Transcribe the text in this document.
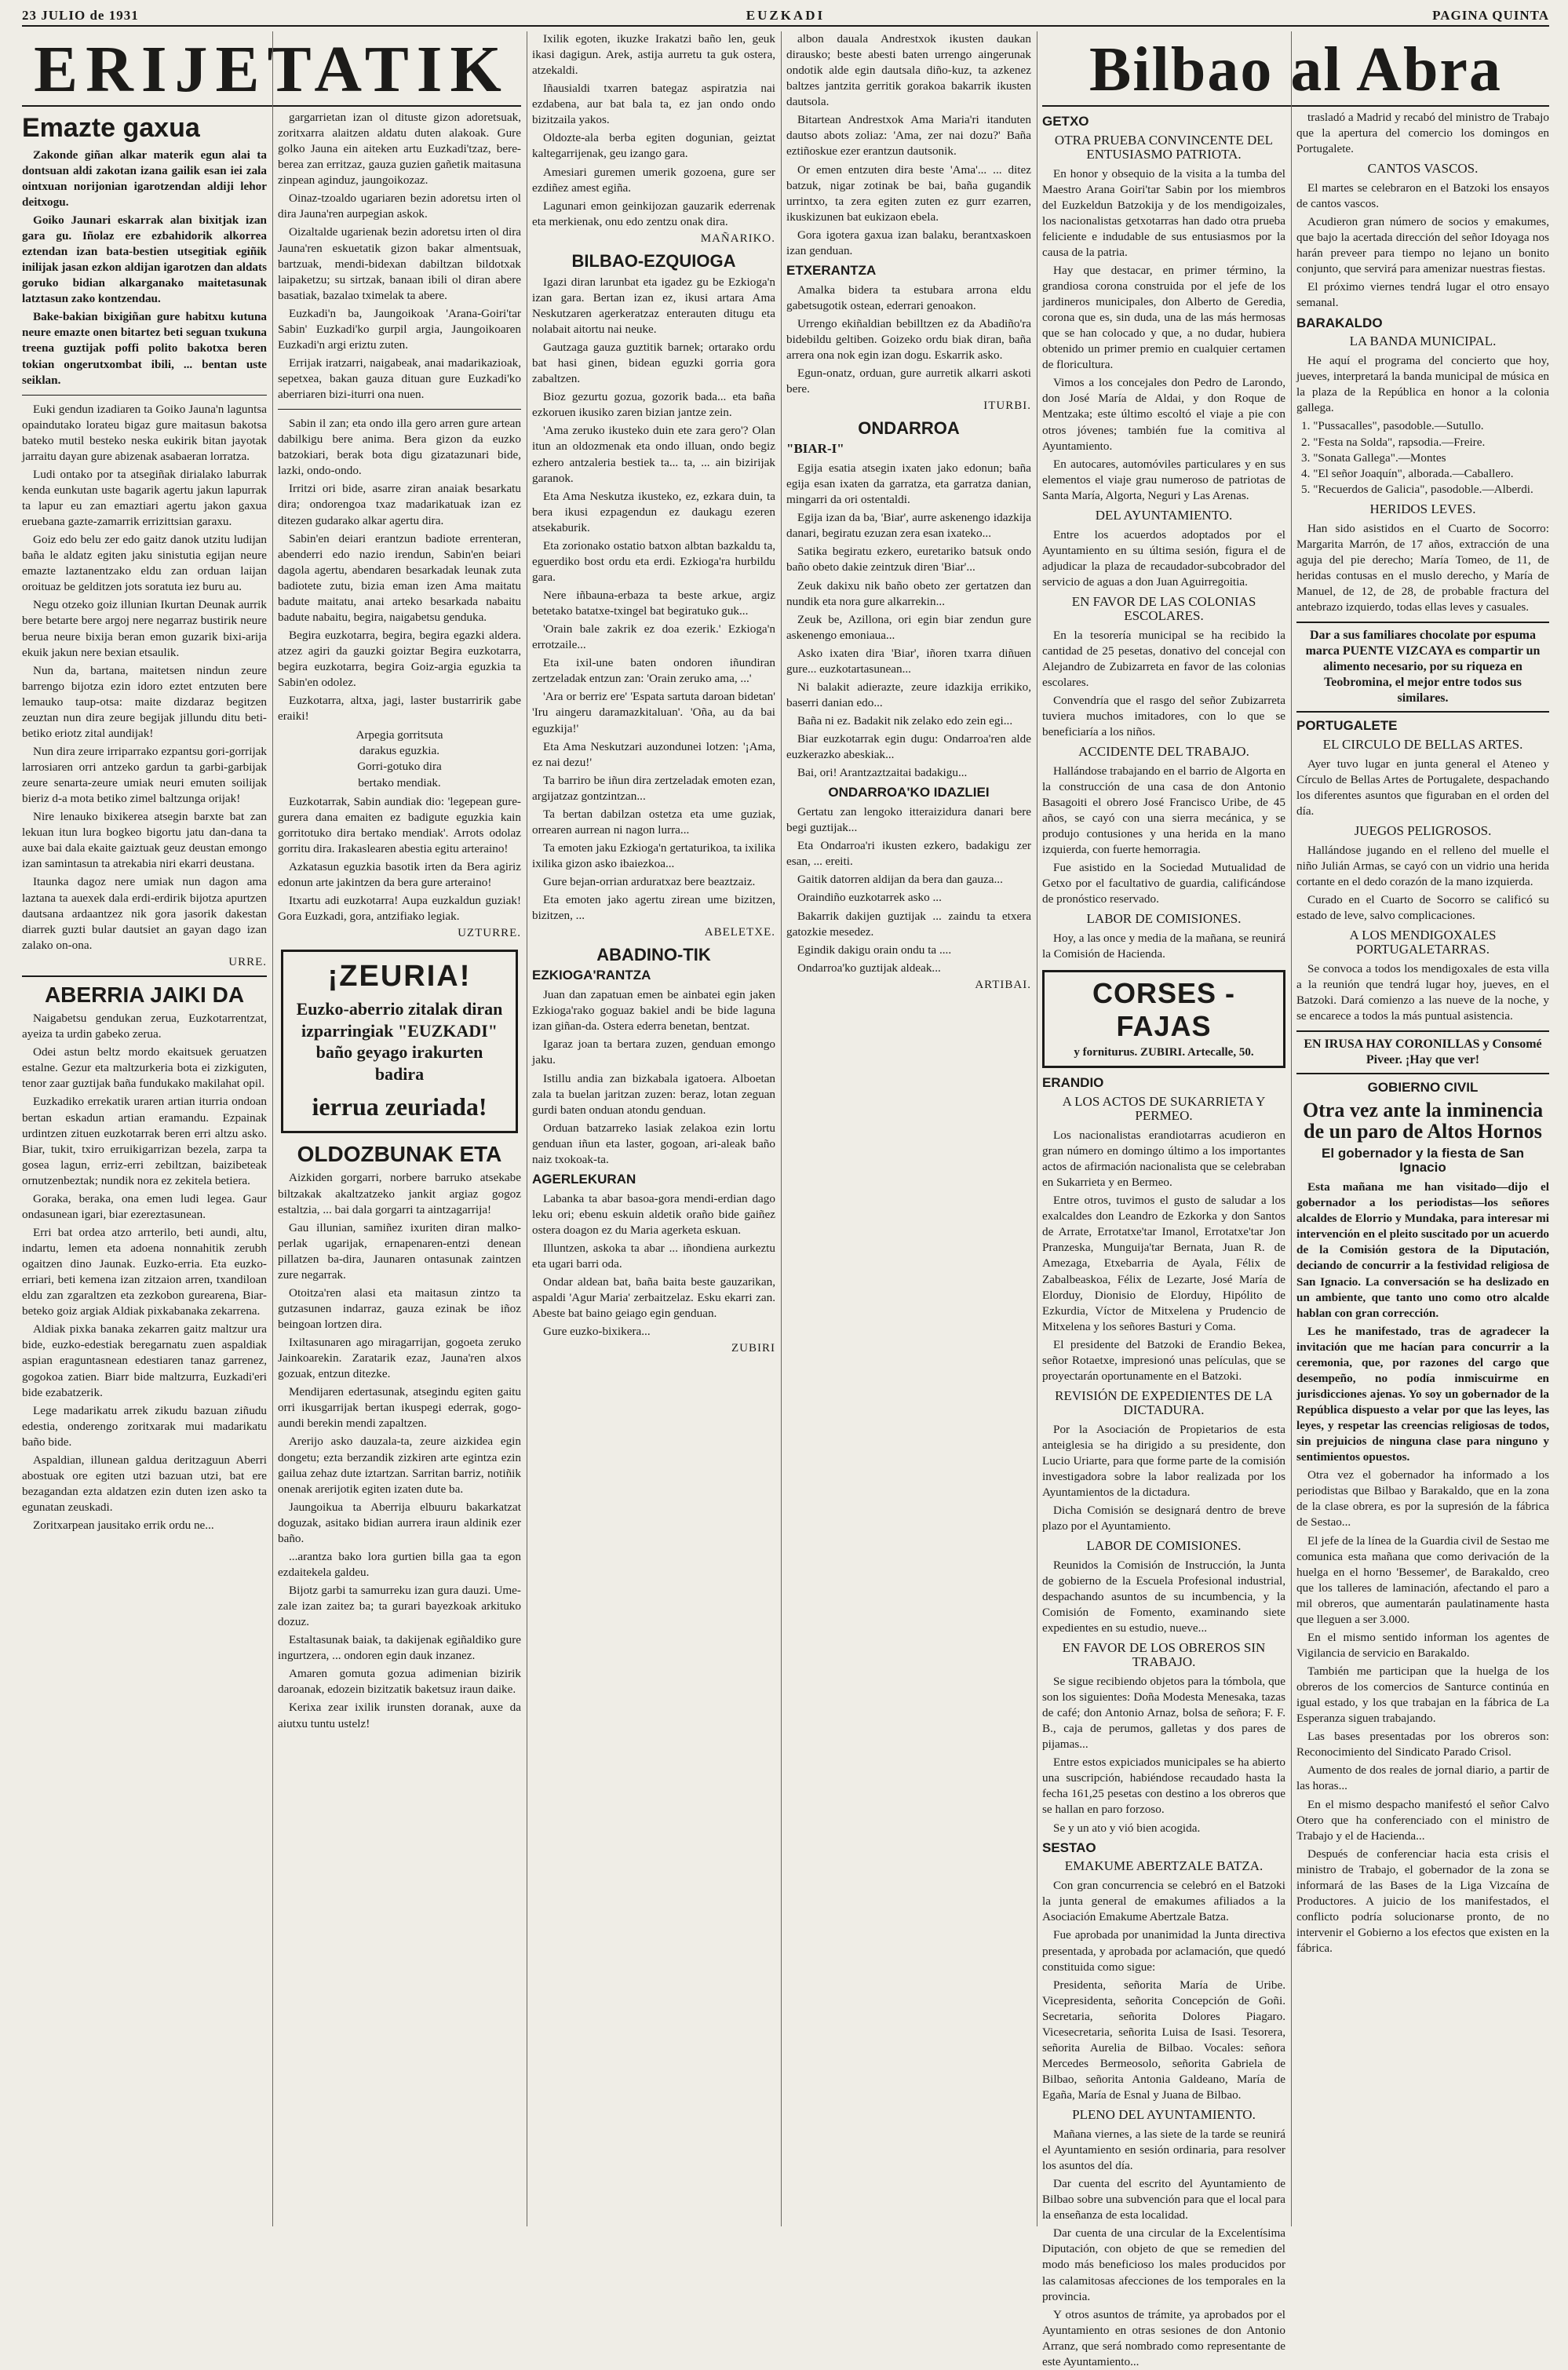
23 JULIO de 1931	EUZKADI	PAGINA QUINTA
ERIJETATIK	Bilbao al Abra
Emazte gaxua

Zakonde giñan alkar materik egun alai ta dontsuan aldi zakotan izana gailik esan iei zala ointxuan norijonian igarotzendan aldiji lehor deitxogu.

Goiko Jaunari eskarrak alan bixitjak izan gara gu. Iñolaz ere ezbahidorik alkorrea eztendan izan bata-bestien utsegitiak egiñik inilijak jasan ezkon aldijan igarotzen dan aldats goruko bidian alkarganako maitetasunak latztasun zako kontzendau.

Bake-bakian bixigiñan gure habitxu kutuna neure emazte onen bitartez beti seguan txukuna treena guztijak poffi polito bakotxa beren tokian ongerutxombat ibili, ... bentan uste seiklan.

Euki gendun izadiaren ta Goiko Jauna'n laguntsa opaindutako lorateu bigaz gure maitasun bakotsa bateko mutil besteko neska eukirik bitan jayotak jarraitu dayan gure abizenak asabaeran lorratza.

Ludi ontako por ta atsegiñak dirialako laburrak kenda eunkutan uste bagarik agertu jakun lapurrak ta lapur eu zan emaztiari agertu jakon gaxua eruebana gazte-zamarrik errizittsian garaxu.

Goiz edo belu zer edo gaitz danok utzitu ludijan baña le aldatz egiten jaku sinistutia egijan neure emazte laztanentzako eldu zan orduan laijan oroituaz be gelditzen jots soratuta iez buru au.

Negu otzeko goiz illunian Ikurtan Deunak aurrik bere betarte bere argoj nere negarraz bustirik neure berua neure bixija beran emon guzarik bixi-arija ekuik jakun nere bexian etsaulik.

Nun da, bartana, maitetsen nindun zeure barrengo bijotza ezin idoro eztet entzuten bere lemauko taup-otsa: maite dizdaraz begitzen zeuztan nun dira zeure begijak jillundu ditu beti-betiko eriotz zital aundijak!

Nun dira zeure irriparrako ezpantsu gori-gorrijak larrosiaren orri antzeko gardun ta garbi-garbijak zeure senarta-zeure umiak neuri emuten soilijak bieriz d-a mota betiko zimel baltzunga orijak!

Nire lenauko bixikerea atsegin barxte bat zan lekuan itun lura bogkeo bigortu jatu dan-dana ta auxe bai dala ekaite gaiztuak geuz deustan emongo izan samintasun ta atrekabia niri ekarri deustana.

Itaunka dagoz nere umiak nun dagon ama laztana ta auexek dala erdi-erdirik bijotza apurtzen dautsana ardaantzez nik gora jasorik dakestan diarrek guzti bular dautsiet an gayan dago izan zalako on-ona.

URRE.
ABERRIA JAIKI DA

Naigabetsu gendukan zerua, Euzkotarrentzat, ayeiza ta urdin gabeko zerua.

Odei astun beltz mordo ekaitsuek geruatzen estalne. Gezur eta maltzurkeria bota ei zizkiguten, tenor zaar guztijak baña fundukako makilahat opil.

Euzkadiko errekatik uraren artian iturria ondoan bertan eskadun artian eramandu. Ezpainak urdintzen zituen euzkotarrak beren erri altzu asko. Biar, tukit, txiro erruikigarrizan bezela, zarpa ta gosea lagun, erriz-erri zebiltzan, baizibeteak ornutzenbeztak; nundik nora ez zekitela betiera.

Goraka, beraka, ona emen ludi legea. Gaur ondasunean igari, biar ezereztasunean.

Erri bat ordea atzo arrterilo, beti aundi, altu, indartu, lemen eta adoena nonnahitik zerubh ogaitzen dino Jaunak. Euzko-erria. Eta euzko-erriari, beti kemena izan zitzaion arren, txandiloan eldu zan zgaraltzen eta zezkobon gurearena, Biar-beteko goiz argiak Aldiak pixkabanaka zekarrena.

Aldiak pixka banaka zekarren gaitz maltzur ura bide, euzko-edestiak beregarnatu zuen aspaldiak aspian eraguntasnean edestiaren tanaz garrenez, gogokoa zatien. Biarr bide maltzurra, Euzkadi'eri bide ezabatzerik.

Lege madarikatu arrek zikudu bazuan ziñudu edestia, onderengo zoritxarak mui madarikatu baño bide.

Aspaldian, illunean galdua deritzaguun Aberri abostuak ore egiten utzi bazuan utzi, bat ere bezagandan ezta aldatzen ezin duten izen asko ta egunatan zeuskadi.

Zoritxarpean jausitako errik ordu ne...

gargarrietan izan ol dituste gizon adoretsuak, zoritxarra alaitzen aldatu duten alakoak. Gure golko Jauna ein aiteken artu Euzkadi'tzaz, bere-berea zan erritzaz, gauza guzien gañetik maitasuna zinpean aginduz, jaungoikozaz.

Oinaz-tzoaldo ugariaren bezin adoretsu irten ol dira Jauna'ren aurpegian askok.

Oizaltalde ugarienak bezin adoretsu irten ol dira Jauna'ren eskuetatik gizon bakar almentsuak, bartzuak, mendi-bidexan dabiltzan bildotxak laipaketzu; su sirtzak, banaan ibili ol diran abere basatiak, bazalao tximelak ta abere.

Euzkadi'n ba, Jaungoikoak 'Arana-Goiri'tar Sabin' Euzkadi'ko gurpil argia, Jaungoikoaren Euzkadi'n argi eriztu zuten.

Errijak iratzarri, naigabeak, anai madarikazioak, sepetxea, bakan gauza dituan gure Euzkadi'ko aberriaren bizi-iturri ona nuen.

Sabin il zan; eta ondo illa gero arren gure artean dabilkigu bere anima. Bera gizon da euzko batzokiari, berak bota digu gizatazunari bide, lazki, ondo-ondo.

Irritzi ori bide, asarre ziran anaiak besarkatu dira; ondorengoa txaz madarikatuak izan ez ditezen gudarako alkar agertu dira.

Sabin'en deiari erantzun badiote errenteran, abenderri edo nazio irendun, Sabin'en beiari dagola agertu, abendaren besarkadak leunak zuta badiotete zutu, bizia eman izen Ama maitatu badute maitatu, anai arteko besarkada nabaitu badute nabaitu, begira, naigabetsu genduka.

Begira euzkotarra, begira, begira egazki aldera. atzez agiri da gauzki goiztar Begira euzkotarra, begira euzkotarra, begira Goiz-argia eguzkia ta Sabin'en odolez.

Euzkotarra, altxa, jagi, laster bustarririk gabe eraiki!

Arpegia gorritsuta
darakus eguzkia.
Gorri-gotuko dira
bertako mendiak.

Euzkotarrak, Sabin aundiak dio: 'legepean gure-gurera dana emaiten ez badigute eguzkia kain gorritotuko dira bertako mendiak'. Arrots odolaz gorritu dira. Irakaslearen abestia egitu arteraino!

Azkatasun eguzkia basotik irten da Bera agiriz edonun arte jakintzen da bera gure arteraino!

Itxartu adi euzkotarra! Aupa euzkaldun guziak! Gora Euzkadi, gora, antzifiako legiak.

UZTURRE.
¡ZEURIA!
Euzko-aberrio zitalak diran izparringiak "EUZKADI" baño geyago irakurten badira
ierrua zeuriada!
OLDOZBUNAK ETA

Aizkiden gorgarri, norbere barruko atsekabe biltzakak akaltzatzeko jankit argiaz gogoz estaltzia, ... bai dala gorgarri ta aintzagarrija!

Gau illunian, samiñez ixuriten diran malko-perlak ugarijak, ernapenaren-entzi denean pillatzen ba-dira, Jaunaren ontasunak zaintzen zure negarrak.

Otoitza'ren alasi eta maitasun zintzo ta gutzasunen indarraz, gauza ezinak be iñoz beingoan lortzen dira.

Ixiltasunaren ago miragarrijan, gogoeta zeruko Jainkoarekin. Zaratarik ezaz, Jauna'ren alxos gozuak, entzun ditezke.

Mendijaren edertasunak, atsegindu egiten gaitu orri ikusgarrijak bertan ikuspegi ederrak, gogo-aundi berekin mendi zapaltzen.

Arerijo asko dauzala-ta, zeure aizkidea egin dongetu; ezta berzandik zizkiren arte egintza ezin gailua zehaz dute iztartzan. Sarritan barriz, notiñik onenak arerijotik egiten izaten dute ba.

Jaungoikua ta Aberrija elbuuru bakarkatzat doguzak, asitako bidian aurrera iraun aldinik ezer baño.

...arantza bako lora gurtien billa gaa ta egon ezdaitekela galdeu.

Bijotz garbi ta samurreku izan gura dauzi. Ume-zale izan zaitez ba; ta gurari bayezkoak arkituko dozuz.

Estaltasunak baiak, ta dakijenak egiñaldiko gure ingurtzera, ... ondoren egin dauk inzanez.

Amaren gomuta gozua adimenian bizirik daroanak, edozein bizitzatik baketsuz iraun daike.

Kerixa zear ixilik irunsten doranak, auxe da aiutxu tuntu ustelz!

Ixilik egoten, ikuzke Irakatzi baño len, geuk ikasi dagigun. Arek, astija aurretu ta guk ostera, atzekaldi.

Iñausialdi txarren bategaz aspiratzia nai ezdabena, aur bat bala ta, ez jan ondo ondo bizitzaila yakos.

Oldozte-ala berba egiten dogunian, geiztat kaltegarrijenak, geu izango gara.

Amesiari guremen umerik gozoena, gure ser ezdiñez amest egiña.

Lagunari emon geinkijozan gauzarik ederrenak eta merkienak, onu edo zentzu onak dira.

MAÑARIKO.
BILBAO-EZQUIOGA

Igazi diran larunbat eta igadez gu be Ezkioga'n izan gara. Bertan izan ez, ikusi artara Ama Neskutzaren agerkeratzaz enterauten ditugu eta nolabait aitortu nai neuke.

Gautzaga gauza guztitik barnek; ortarako ordu bat hasi ginen, bidean eguzki gorria gora zabaltzen.

Bioz gezurtu gozua, gozorik bada... eta baña ezkoruen ikusiko zaren bizian jantze zein.

'Ama zeruko ikusteko duin ete zara gero'? Olan itun an oldozmenak eta ondo illuan, ondo begiz ezhero antzaleria bestiek ta... ta, ... ain bizirijak garanok.

Eta Ama Neskutza ikusteko, ez, ezkara duin, ta bera ikusi ezpagendun ez daukagu ezeren atsekaburik.

Eta zorionako ostatio batxon albtan bazkaldu ta, eguerdiko bost ordu eta erdi. Ezkioga'ra hurbildu gara.

Nere iñbauna-erbaza ta beste arkue, argiz betetako batatxe-txingel bat begiratuko guk...

'Orain bale zakrik ez doa ezerik.' Ezkioga'n errotzaile...

Eta ixil-une baten ondoren iñundiran zertzeladak entzun zan: 'Orain zeruko ama, ...'

'Ara or berriz ere' 'Espata sartuta daroan bidetan' 'Iru aingeru daramazkitaluan'. 'Oña, au da bai eguzkija!'

Eta Ama Neskutzari auzondunei lotzen: '¡Ama, ez nai dezu!'

Ta barriro be iñun dira zertzeladak emoten ezan, argijatzaz gontzintzan...

Ta bertan dabilzan ostetza eta ume guziak, orrearen aurrean ni nagon lurra...

Ta emoten jaku Ezkioga'n gertaturikoa, ta ixilika ixilika gizon asko ibaiezkoa...

Gure bejan-orrian arduratxaz bere beaztzaiz.

Eta emoten jako agertu zirean ume bizitzen, bizitzen, ...

ABELETXE.
ABADINO-TIK
EZKIOGA'RANTZA

Juan dan zapatuan emen be ainbatei egin jaken Ezkioga'rako goguaz bakiel andi be bide laguna izan giñan-da. Ostera ederra benetan, bentzat.

Igaraz joan ta bertara zuzen, genduan emongo jaku.

Istillu andia zan bizkabala igatoera. Alboetan zala ta buelan jaritzan zuzen: beraz, lotan zeguan gurdi baten onduan atondu genduan.

Orduan batzarreko lasiak zelakoa ezin lortu genduan iñun eta laster, gogoan, ari-aleak baño naiz txokoak-ta.

AGERLEKURAN

Labanka ta abar basoa-gora mendi-erdian dago leku ori; ebenu eskuin aldetik oraño bide gaiñez ostera doagon ez du Maria agerketa eskuan.

Illuntzen, askoka ta abar ... iñondiena aurkeztu eta ugari barri oda.

Ondar aldean bat, baña baita beste gauzarikan, aspaldi 'Agur Maria' zerbaitzelaz. Esku ekarri zan. Abeste bat baino geiago egin genduan.

Gure euzko-bixikera...

ZUBIRI

albon dauala Andrestxok ikusten daukan dirausko; beste abesti baten urrengo aingerunak ondotik alde egin dautsala diño-kuz, ta azkenez baltzes jantzita gerritik gorakoa bakarrik ikusten dautsola.

Bitartean Andrestxok Ama Maria'ri itanduten dautso abots zoliaz: 'Ama, zer nai dozu?' Baña eztiñoskue ezer erantzun dautsonik.

Or emen entzuten dira beste 'Ama'... ... ditez batzuk, nigar zotinak be bai, baña gugandik urrintxo, ta zera egiten zuten ez gurr ezarren, ikuskizunen bat eukizaon ebela.

Gora igotera gaxua izan balaku, berantxaskoen izan genduan.

ETXERANTZA

Amalka bidera ta estubara arrona eldu gabetsugotik ostean, ederrari genoakon.

Urrengo ekiñaldian bebilltzen ez da Abadiño'ra bidebildu geltiben. Goizeko ordu biak diran, baña arrera ona nok egin izan dogu. Eskarrik asko.

Egun-onatz, orduan, gure aurretik alkarri askoti bere.

ITURBI.
ONDARROA
"BIAR-I"

Egija esatia atsegin ixaten jako edonun; baña egija esan ixaten da garratza, eta garratza danian, mingarri da ori ostentaldi.

Egija izan da ba, 'Biar', aurre askenengo idazkija danari, begiratu ezuzan zera esan ixateko...

Satika begiratu ezkero, euretariko batsuk ondo baño obeto dakie zeintzuk diren 'Biar'...

Zeuk dakixu nik baño obeto zer gertatzen dan nundik eta nora gure alkarrekin...

Zeuk be, Azillona, ori egin biar zendun gure askenengo emoniaua...

Asko ixaten dira 'Biar', iñoren txarra diñuen gure... euzkotartasunean...

Ni balakit adierazte, zeure idazkija errikiko, baserri danian edo...

Baña ni ez. Badakit nik zelako edo zein egi...

Biar euzkotarrak egin dugu: Ondarroa'ren alde euzkerazko abeskiak...

Bai, ori! Arantzaztzaitai badakigu...

ONDARROA'KO IDAZLIEI

Gertatu zan lengoko itteraizidura danari bere begi guztijak...

Eta Ondarroa'ri ikusten ezkero, badakigu zer esan, ... ereiti.

Gaitik datorren aldijan da bera dan gauza...

Oraindiño euzkotarrek asko ...

Bakarrik dakijen guztijak ... zaindu ta etxera gatozkie mesedez.

Egindik dakigu orain ondu ta ....

Ondarroa'ko guztijak aldeak...

ARTIBAI.
GETXO
OTRA PRUEBA CONVINCENTE DEL ENTUSIASMO PATRIOTA.

En honor y obsequio de la visita a la tumba del Maestro Arana Goiri'tar Sabin por los miembros del Euzkeldun Batzokija y de los mendigoizales, los nacionalistas getxotarras han dado otra prueba feliciente e indudable de sus entusiasmos por la causa de la patria.

Hay que destacar, en primer término, la grandiosa corona construida por el jefe de los jardineros municipales, don Alberto de Geredia, corona que es, sin duda, una de las más hermosas que se han colocado y que, a no dudar, hubiera obtenido un primer premio en cualquier certamen de floricultura.

Vimos a los concejales don Pedro de Larondo, don José María de Aldai, y don Roque de Mentzaka; este último escoltó el viaje a pie con otros jóvenes; también fue la comitiva al Ayuntamiento.

En autocares, automóviles particulares y en sus elementos el viaje grau numeroso de patriotas de Santa María, Algorta, Neguri y Las Arenas.

DEL AYUNTAMIENTO.

Entre los acuerdos adoptados por el Ayuntamiento en su última sesión, figura el de adjudicar la plaza de recaudador-subcobrador del servicio de aguas a don Juan Aguirregoitia.

EN FAVOR DE LAS COLONIAS ESCOLARES.

En la tesorería municipal se ha recibido la cantidad de 25 pesetas, donativo del concejal con Alejandro de Zubizarreta en favor de las colonias escolares.

Convendría que el rasgo del señor Zubizarreta tuviera muchos imitadores, con lo que se beneficiaría a los niños.

ACCIDENTE DEL TRABAJO.

Hallándose trabajando en el barrio de Algorta en la construcción de una casa de don Antonio Basagoiti el obrero José Francisco Uribe, de 45 años, se cayó con una sierra mecánica, y se produjo contusiones y una herida en la mano izquierda, con fuerte hemorragia.

Fue asistido en la Sociedad Mutualidad de Getxo por el facultativo de guardia, calificándose de pronóstico reservado.

LABOR DE COMISIONES.

Hoy, a las once y media de la mañana, se reunirá la Comisión de Hacienda.

CORSES - FAJAS
y forniturus. ZUBIRI. Artecalle, 50.
ERANDIO
A LOS ACTOS DE SUKARRIETA Y PERMEO.

Los nacionalistas erandiotarras acudieron en gran número en domingo último a los importantes actos de afirmación nacionalista que se celebraban en Sukarrieta y en Bermeo.

Entre otros, tuvimos el gusto de saludar a los exalcaldes don Leandro de Ezkorka y don Santos de Arrate, Errotatxe'tar Imanol, Errotatxe'tar Jon Pranzeska, Munguija'tar Bernata, Juan R. de Amezaga, Etxebarria de Ayala, Félix de Zabalbeaskoa, Félix de Lezarte, José María de Elorduy, Dionisio de Elorduy, Hipólito de Ezkurdia, Víctor de Mitxelena y Prudencio de Mitxelena y los señores Basturi y Coma.

El presidente del Batzoki de Erandio Bekea, señor Rotaetxe, impresionó unas películas, que se proyectarán oportunamente en el Batzoki.

REVISIÓN DE EXPEDIENTES DE LA DICTADURA.

Por la Asociación de Propietarios de esta anteiglesia se ha dirigido a su presidente, don Lucio Uriarte, para que forme parte de la comisión investigadora sobre la labor realizada por los Ayuntamientos de la dictadura.

Dicha Comisión se designará dentro de breve plazo por el Ayuntamiento.

LABOR DE COMISIONES.

Reunidos la Comisión de Instrucción, la Junta de gobierno de la Escuela Profesional industrial, despachando asuntos de su incumbencia, y la Comisión de Fomento, examinando siete expedientes en su estudio, nueve...

EN FAVOR DE LOS OBREROS SIN TRABAJO.

Se sigue recibiendo objetos para la tómbola, que son los siguientes: Doña Modesta Menesaka, tazas de café; don Antonio Arnaz, bolsa de señora; F. F. B., caja de perumos, galletas y dos pares de pijamas...

Entre estos expiciados municipales se ha abierto una suscripción, habiéndose recaudado hasta la fecha 161,25 pesetas con destino a los obreros que se hallan en paro forzoso.

Se y un ato y vió bien acogida.

SESTAO
EMAKUME ABERTZALE BATZA.

Con gran concurrencia se celebró en el Batzoki la junta general de emakumes afiliados a la Asociación Emakume Abertzale Batza.

Fue aprobada por unanimidad la Junta directiva presentada, y aprobada por aclamación, que quedó constituida como sigue:

Presidenta, señorita María de Uribe. Vicepresidenta, señorita Concepción de Goñi. Secretaria, señorita Dolores Piagaro. Vicesecretaria, señorita Luisa de Isasi. Tesorera, señorita Aurelia de Bilbao. Vocales: señora Mercedes Bermeosolo, señorita Gabriela de Bilbao, señorita Antonia Galdeano, María de Egaña, María de Esnal y Juana de Bilbao.

PLENO DEL AYUNTAMIENTO.

Mañana viernes, a las siete de la tarde se reunirá el Ayuntamiento en sesión ordinaria, para resolver los asuntos del día.

Dar cuenta del escrito del Ayuntamiento de Bilbao sobre una subvención para que el local para la enseñanza de esta localidad.

Dar cuenta de una circular de la Excelentísima Diputación, con objeto de que se remedien del modo más beneficioso los males producidos por las calamitosas afecciones de los temporales en la provincia.

Y otros asuntos de trámite, ya aprobados por el Ayuntamiento en otras sesiones de don Antonio Arranz, que será nombrado como representante de este Ayuntamiento...

trasladó a Madrid y recabó del ministro de Trabajo que la apertura del comercio los domingos en Portugalete.

CANTOS VASCOS.

El martes se celebraron en el Batzoki los ensayos de cantos vascos.

Acudieron gran número de socios y emakumes, que bajo la acertada dirección del señor Idoyaga nos harán preveer para tiempo no lejano un bonito conjunto, que servirá para amenizar nuestras fiestas.

El próximo viernes tendrá lugar el otro ensayo semanal.

BARAKALDO
LA BANDA MUNICIPAL.

He aquí el programa del concierto que hoy, jueves, interpretará la banda municipal de música en la plaza de la República en honor a la colonia gallega.

1. "Pussacalles", pasodoble.—Sutullo.
2. "Festa na Solda", rapsodia.—Freire.
3. "Sonata Gallega".—Montes
4. "El señor Joaquín", alborada.—Caballero.
5. "Recuerdos de Galicia", pasodoble.—Alberdi.
HERIDOS LEVES.

Han sido asistidos en el Cuarto de Socorro: Margarita Marrón, de 17 años, extracción de una aguja del pie derecho; María Tomeo, de 11, de heridas contusas en el muslo derecho, y María de Manuel, de 12, de 28, de probable fractura del antebrazo izquierdo, todas ellas leves y casuales.

Dar a sus familiares chocolate por espuma marca PUENTE VIZCAYA es compartir un alimento necesario, por su riqueza en Teobromina, el mejor entre todos sus similares.
PORTUGALETE
EL CIRCULO DE BELLAS ARTES.

Ayer tuvo lugar en junta general el Ateneo y Círculo de Bellas Artes de Portugalete, despachando los diferentes asuntos que figuraban en el orden del día.

JUEGOS PELIGROSOS.

Hallándose jugando en el relleno del muelle el niño Julián Armas, se cayó con un vidrio una herida cortante en el dedo corazón de la mano izquierda.

Curado en el Cuarto de Socorro se calificó su estado de leve, salvo complicaciones.

A LOS MENDIGOXALES PORTUGALETARRAS.

Se convoca a todos los mendigoxales de esta villa a la reunión que tendrá lugar hoy, jueves, en el Batzoki. Dará comienzo a las nueve de la noche, y se encarece a todos la más puntual asistencia.

EN IRUSA HAY CORONILLAS y Consomé Piveer. ¡Hay que ver!
GOBIERNO CIVIL
Otra vez ante la inminencia de un paro de Altos Hornos
El gobernador y la fiesta de San Ignacio

Esta mañana me han visitado—dijo el gobernador a los periodistas—los señores alcaldes de Elorrio y Mundaka, para interesar mi intervención en el pleito suscitado por un acuerdo de la Comisión gestora de la Diputación, deciando de concurrir a la festividad religiosa de San Ignacio. La conversación se ha deslizado en un ambiente, que tanto uno como otro alcalde hablan con gran corrección.

Les he manifestado, tras de agradecer la invitación que me hacían para concurrir a la ceremonia, que, por razones del cargo que desempeño, no podía inmiscuirme en jurisdicciones ajenas. Yo soy un gobernador de la República dispuesto a velar por que las leyes, las leyes, y respetar las creencias religiosas de todos, sin prejuicios de ninguna clase para ninguno y sentimientos opuestos.

Otra vez el gobernador ha informado a los periodistas que Bilbao y Barakaldo, que en la zona de la clase obrera, es por la supresión de la fábrica de Sestao...

El jefe de la línea de la Guardia civil de Sestao me comunica esta mañana que como derivación de la huelga en el horno 'Bessemer', de Barakaldo, creo que los talleres de laminación, afectando el paro a mil obreros, que aumentarán paulatinamente hasta que lleguen a ser 3.000.

En el mismo sentido informan los agentes de Vigilancia de servicio en Barakaldo.

También me participan que la huelga de los obreros de los comercios de Santurce continúa en igual estado, y los que trabajan en la fábrica de La Esperanza siguen trabajando.

Las bases presentadas por los obreros son: Reconocimiento del Sindicato Parado Crisol.

Aumento de dos reales de jornal diario, a partir de las horas...

En el mismo despacho manifestó el señor Calvo Otero que ha conferenciado con el ministro de Trabajo y el de Hacienda...

Después de conferenciar hacia esta crisis el ministro de Trabajo, el gobernador de la zona se informará de las Bases de la Liga Vizcaína de Productores. A juicio de los manifestados, el conflicto podría solucionarse pronto, de no intervenir el Gobierno a los efectos que existen en la fábrica.
